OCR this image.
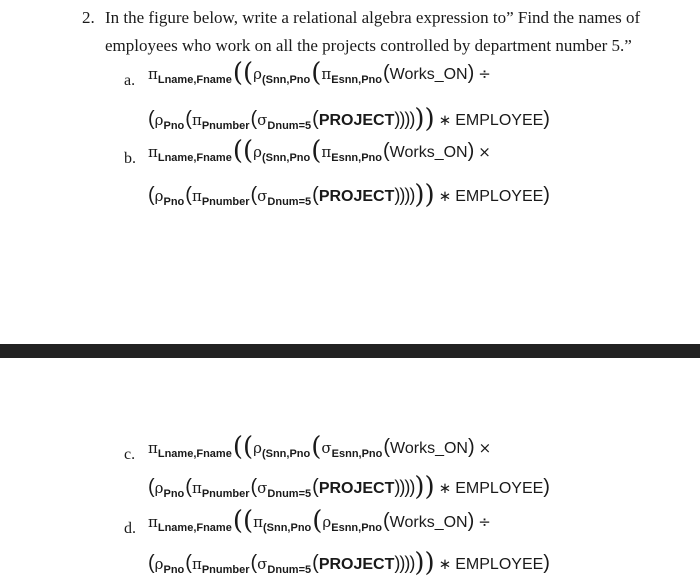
2. In the figure below, write a relational algebra expression to” Find the names of
employees who work on all the projects controlled by department number 5.”
a. π Lname,Fname (( ρ (Snn,Pno ( π Esnn,Pno ( Works_ON ) ÷
( ρ Pno ( π Pnumber ( σ Dnum=5 ( PROJECT )))) )) ∗ EMPLOYEE )
b. π Lname,Fname (( ρ (Snn,Pno ( π Esnn,Pno ( Works_ON ) ×
( ρ Pno ( π Pnumber ( σ Dnum=5 ( PROJECT )))) )) ∗ EMPLOYEE )
c. π Lname,Fname (( ρ (Snn,Pno ( σ Esnn,Pno ( Works_ON ) ×
( ρ Pno ( π Pnumber ( σ Dnum=5 ( PROJECT )))) )) ∗ EMPLOYEE )
d. π Lname,Fname (( π (Snn,Pno ( ρ Esnn,Pno ( Works_ON ) ÷
( ρ Pno ( π Pnumber ( σ Dnum=5 ( PROJECT )))) )) ∗ EMPLOYEE )
